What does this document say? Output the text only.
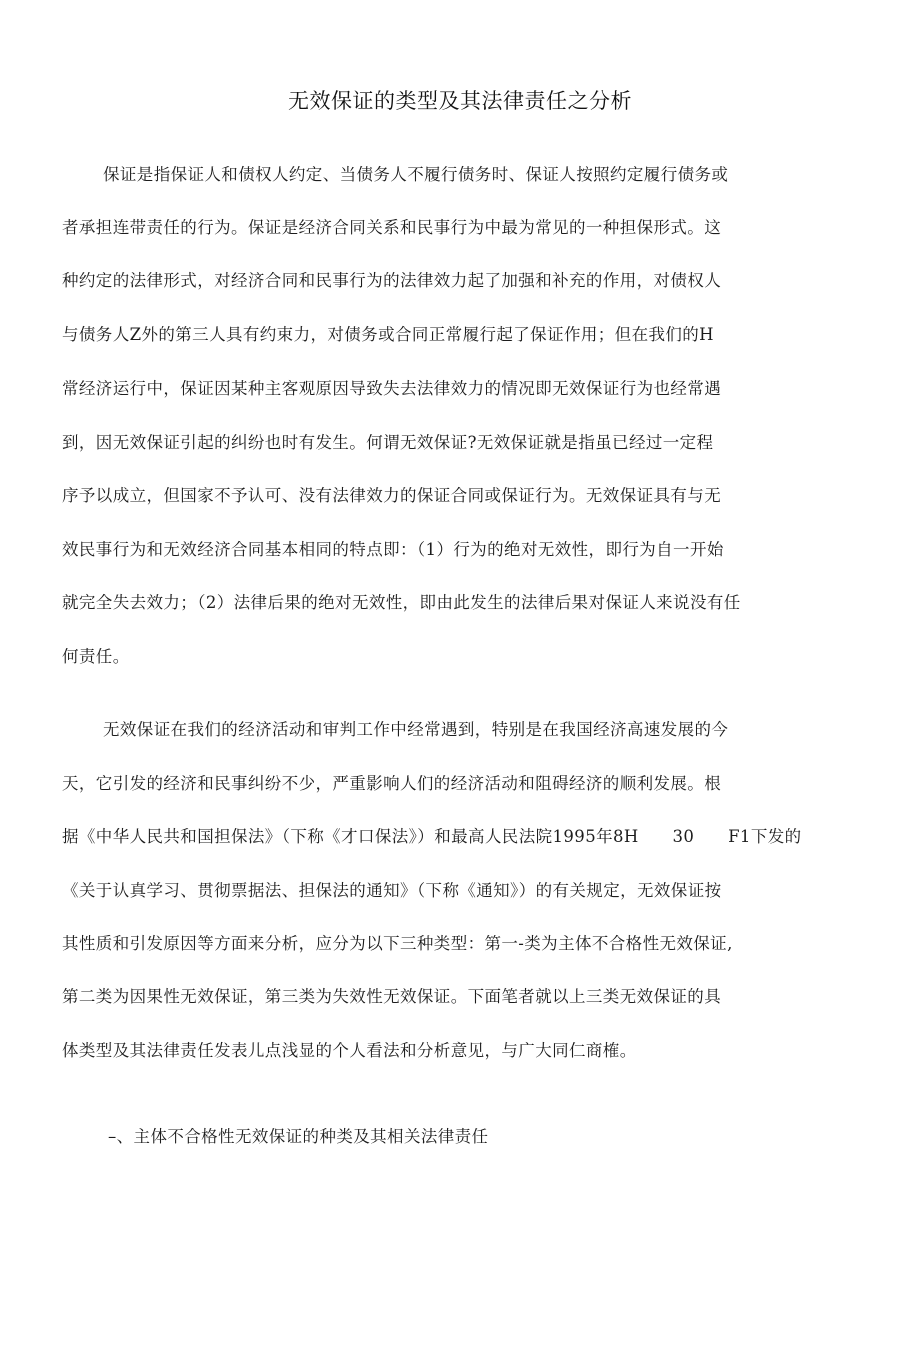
无效保证的类型及其法律责任之分析
保证是指保证人和债权人约定、当债务人不履行债务时、保证人按照约定履行债务或
者承担连带责任的行为。保证是经济合同关系和民事行为中最为常见的一种担保形式。这
种约定的法律形式，对经济合同和民事行为的法律效力起了加强和补充的作用，对债权人
与债务人Z外的第三人具有约束力，对债务或合同正常履行起了保证作用；但在我们的H
常经济运行中，保证因某种主客观原因导致失去法律效力的情况即无效保证行为也经常遇
到，因无效保证引起的纠纷也时有发生。何谓无效保证?无效保证就是指虽已经过一定程
序予以成立，但国家不予认可、没有法律效力的保证合同或保证行为。无效保证具有与无
效民事行为和无效经济合同基本相同的特点即：（1）行为的绝对无效性，即行为自一开始
就完全失去效力；（2）法律后果的绝对无效性，即由此发生的法律后果对保证人来说没有任
何责任。
无效保证在我们的经济活动和审判工作中经常遇到，特别是在我国经济高速发展的今
天，它引发的经济和民事纠纷不少，严重影响人们的经济活动和阻碍经济的顺利发展。根
据《中华人民共和国担保法》（下称《才口保法》）和最高人民法院1995年8H　　30　　F1下发的
《关于认真学习、贯彻票据法、担保法的通知》（下称《通知》）的有关规定，无效保证按
其性质和引发原因等方面来分析，应分为以下三种类型：第一-类为主体不合格性无效保证,
第二类为因果性无效保证，第三类为失效性无效保证。下面笔者就以上三类无效保证的具
体类型及其法律责任发表儿点浅显的个人看法和分析意见，与广大同仁商榷。
–、主体不合格性无效保证的种类及其相关法律责任
